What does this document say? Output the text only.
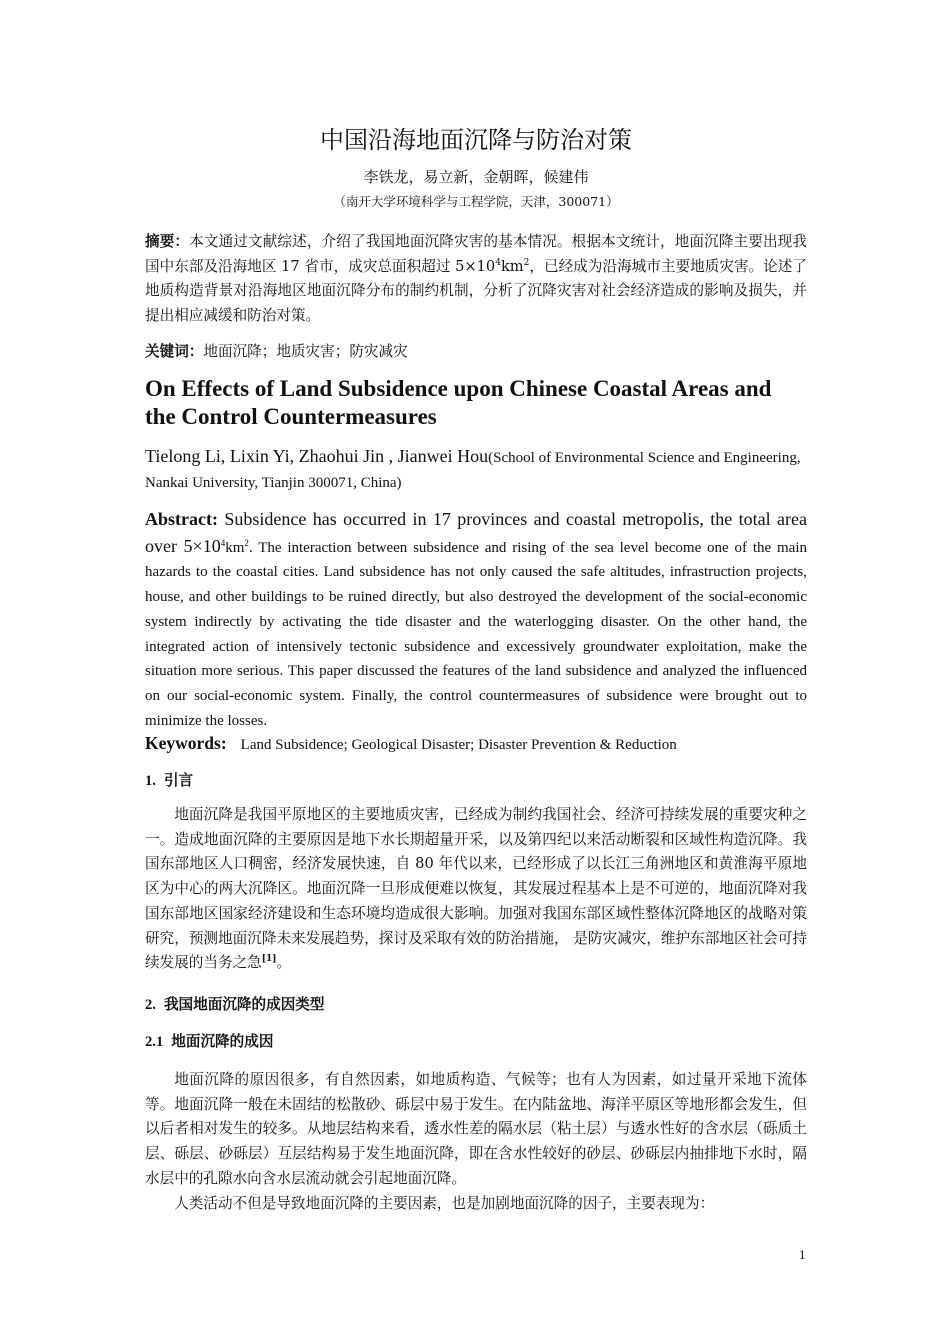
中国沿海地面沉降与防治对策
李铁龙，易立新，金朝晖，候建伟
（南开大学环境科学与工程学院，天津，300071）
摘要：本文通过文献综述，介绍了我国地面沉降灾害的基本情况。根据本文统计，地面沉降主要出现我国中东部及沿海地区 17 省市，成灾总面积超过 $5\times 10^4km^2$，已经成为沿海城市主要地质灾害。论述了地质构造背景对沿海地区地面沉降分布的制约机制，分析了沉降灾害对社会经济造成的影响及损失，并提出相应减缓和防治对策。
关键词：地面沉降；地质灾害；防灾减灾
On Effects of Land Subsidence upon Chinese Coastal Areas and the Control Countermeasures
Tielong Li, Lixin Yi, Zhaohui Jin , Jianwei Hou(School of Environmental Science and Engineering, Nankai University, Tianjin 300071, China)
Abstract: Subsidence has occurred in 17 provinces and coastal metropolis, the total area over $5\times 10^4km^2$. The interaction between subsidence and rising of the sea level become one of the main hazards to the coastal cities. Land subsidence has not only caused the safe altitudes, infrastruction projects, house, and other buildings to be ruined directly, but also destroyed the development of the social-economic system indirectly by activating the tide disaster and the waterlogging disaster. On the other hand, the integrated action of intensively tectonic subsidence and excessively groundwater exploitation, make the situation more serious. This paper discussed the features of the land subsidence and analyzed the influenced on our social-economic system. Finally, the control countermeasures of subsidence were brought out to minimize the losses.
Keywords: Land Subsidence; Geological Disaster; Disaster Prevention & Reduction
1. 引言
地面沉降是我国平原地区的主要地质灾害，已经成为制约我国社会、经济可持续发展的重要灾种之一。造成地面沉降的主要原因是地下水长期超量开采，以及第四纪以来活动断裂和区域性构造沉降。我国东部地区人口稠密，经济发展快速，自 80 年代以来，已经形成了以长江三角洲地区和黄淮海平原地区为中心的两大沉降区。地面沉降一旦形成便难以恢复，其发展过程基本上是不可逆的，地面沉降对我国东部地区国家经济建设和生态环境均造成很大影响。加强对我国东部区域性整体沉降地区的战略对策研究，预测地面沉降未来发展趋势，探讨及采取有效的防治措施， 是防灾减灾，维护东部地区社会可持续发展的当务之急[1]。
2. 我国地面沉降的成因类型
2.1 地面沉降的成因
地面沉降的原因很多，有自然因素，如地质构造、气候等；也有人为因素，如过量开采地下流体等。地面沉降一般在未固结的松散砂、砾层中易于发生。在内陆盆地、海洋平原区等地形都会发生，但以后者相对发生的较多。从地层结构来看，透水性差的隔水层（粘土层）与透水性好的含水层（砾质土层、砾层、砂砾层）互层结构易于发生地面沉降，即在含水性较好的砂层、砂砾层内抽排地下水时，隔水层中的孔隙水向含水层流动就会引起地面沉降。
人类活动不但是导致地面沉降的主要因素，也是加剧地面沉降的因子，主要表现为：
1
